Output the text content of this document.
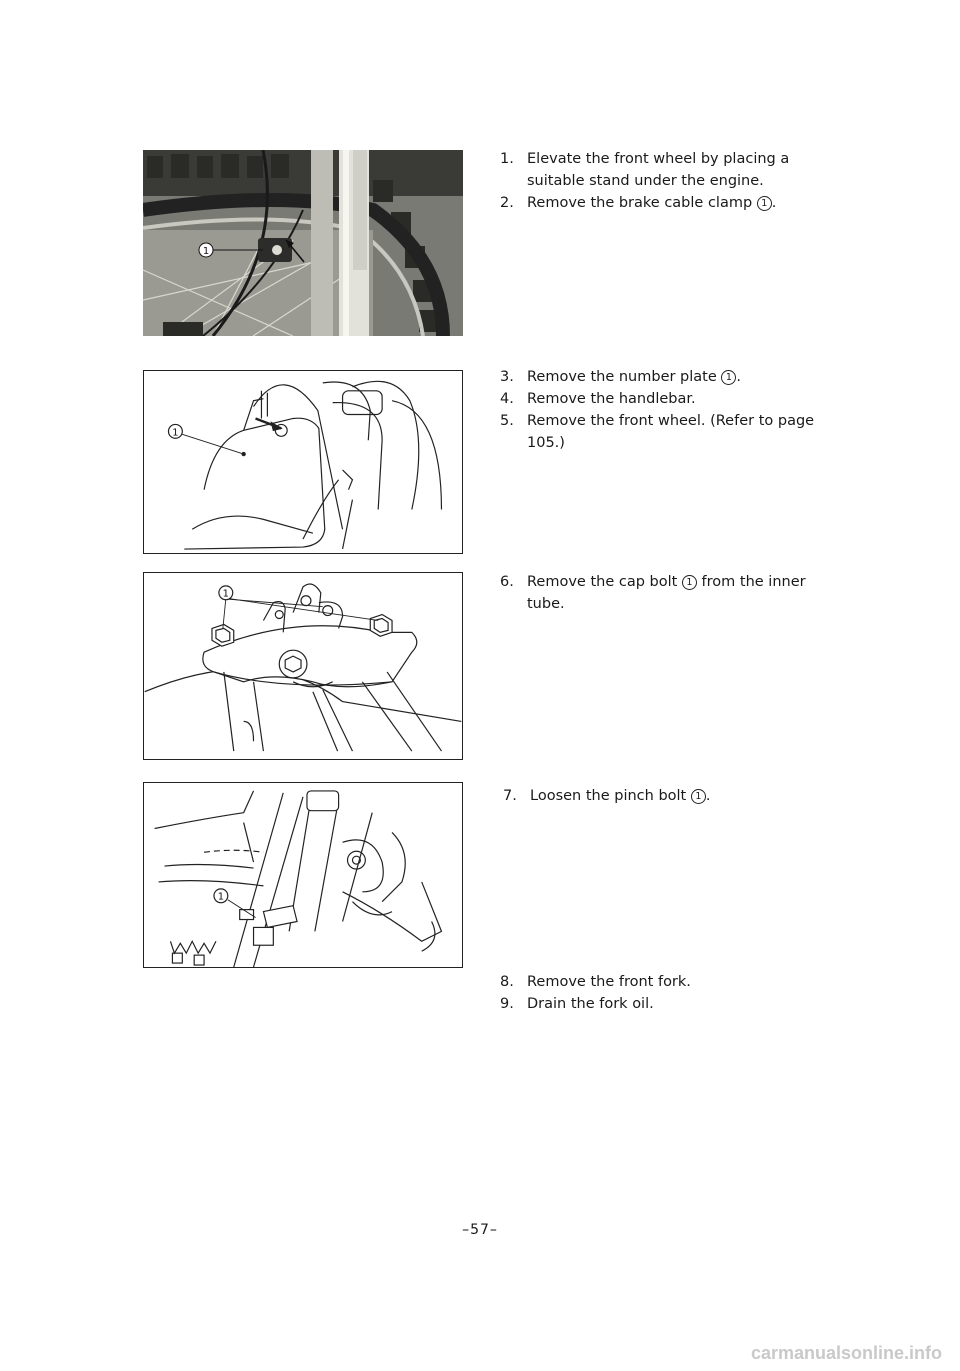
1
1. Elevate the front wheel by placing a suitable stand under the engine.
2. Remove the brake cable clamp 1 .
1
3. Remove the number plate 1 .
4. Remove the handlebar.
5. Remove the front wheel. (Refer to page 105.)
1
6. Remove the cap bolt 1 from the inner tube.
1
7. Loosen the pinch bolt 1 .
8. Remove the front fork.
9. Drain the fork oil.
–57–
carmanualsonline.info
